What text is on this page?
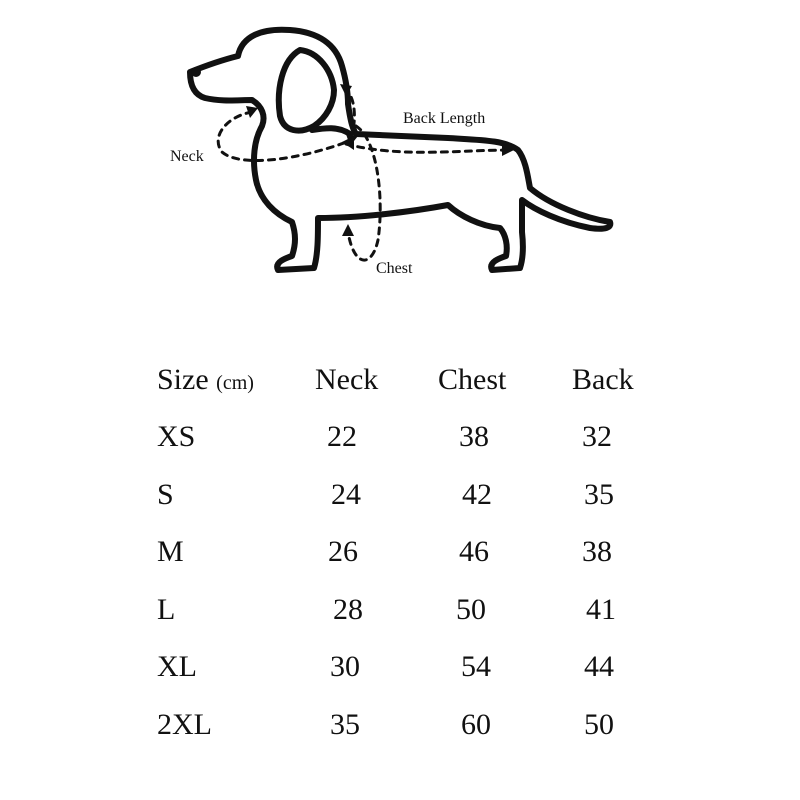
Neck
Back Length
Chest
Size (cm) Neck Chest Back
XS	22	38	32
S	24	42	35
M	26	46	38
L	28	50	41
XL	30	54	44
2XL	35	60	50
